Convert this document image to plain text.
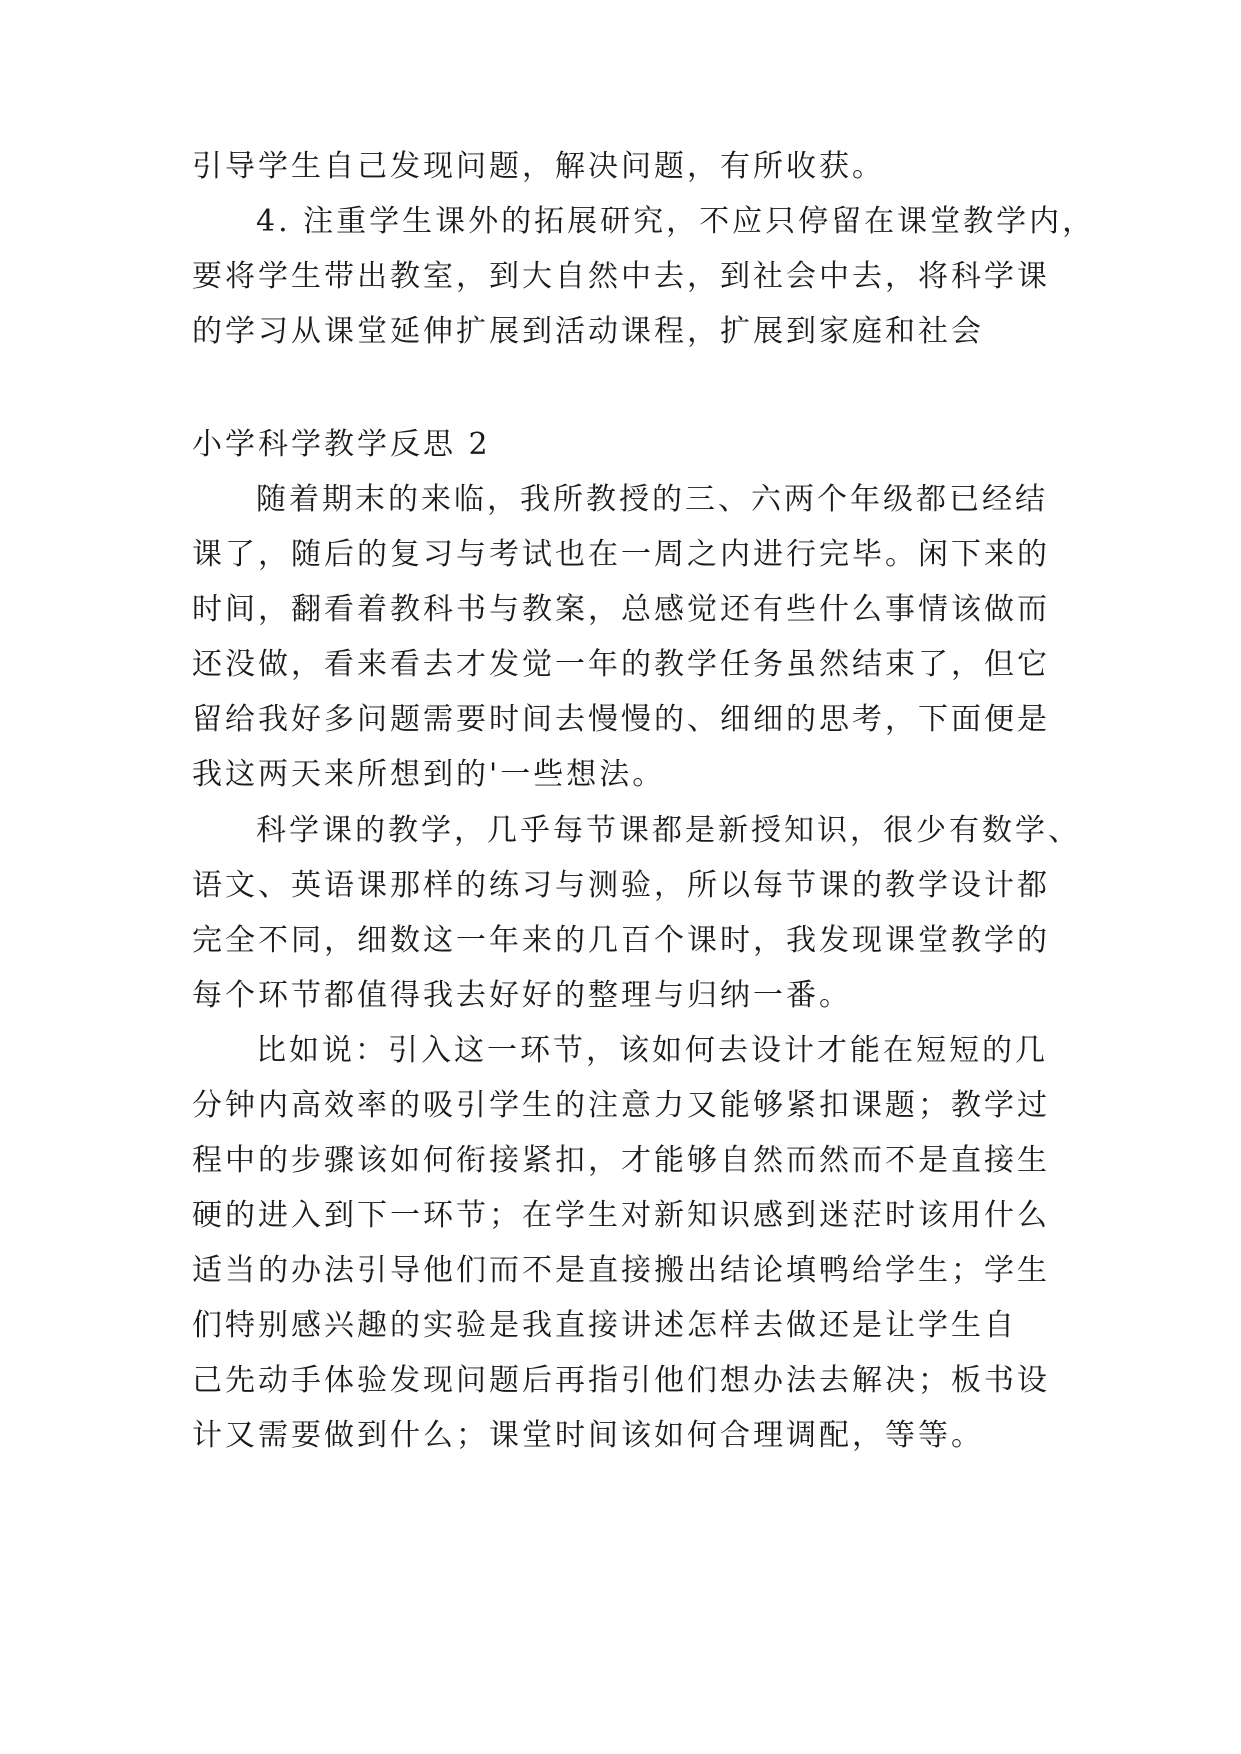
引导学生自己发现问题，解决问题，有所收获。
4. 注重学生课外的拓展研究，不应只停留在课堂教学内，
要将学生带出教室，到大自然中去，到社会中去，将科学课
的学习从课堂延伸扩展到活动课程，扩展到家庭和社会
小学科学教学反思 2
随着期末的来临，我所教授的三、六两个年级都已经结
课了，随后的复习与考试也在一周之内进行完毕。闲下来的
时间，翻看着教科书与教案，总感觉还有些什么事情该做而
还没做，看来看去才发觉一年的教学任务虽然结束了，但它
留给我好多问题需要时间去慢慢的、细细的思考，下面便是
我这两天来所想到的'一些想法。
科学课的教学，几乎每节课都是新授知识，很少有数学、
语文、英语课那样的练习与测验，所以每节课的教学设计都
完全不同，细数这一年来的几百个课时，我发现课堂教学的
每个环节都值得我去好好的整理与归纳一番。
比如说：引入这一环节，该如何去设计才能在短短的几
分钟内高效率的吸引学生的注意力又能够紧扣课题；教学过
程中的步骤该如何衔接紧扣，才能够自然而然而不是直接生
硬的进入到下一环节；在学生对新知识感到迷茫时该用什么
适当的办法引导他们而不是直接搬出结论填鸭给学生；学生
们特别感兴趣的实验是我直接讲述怎样去做还是让学生自
己先动手体验发现问题后再指引他们想办法去解决；板书设
计又需要做到什么；课堂时间该如何合理调配，等等。
